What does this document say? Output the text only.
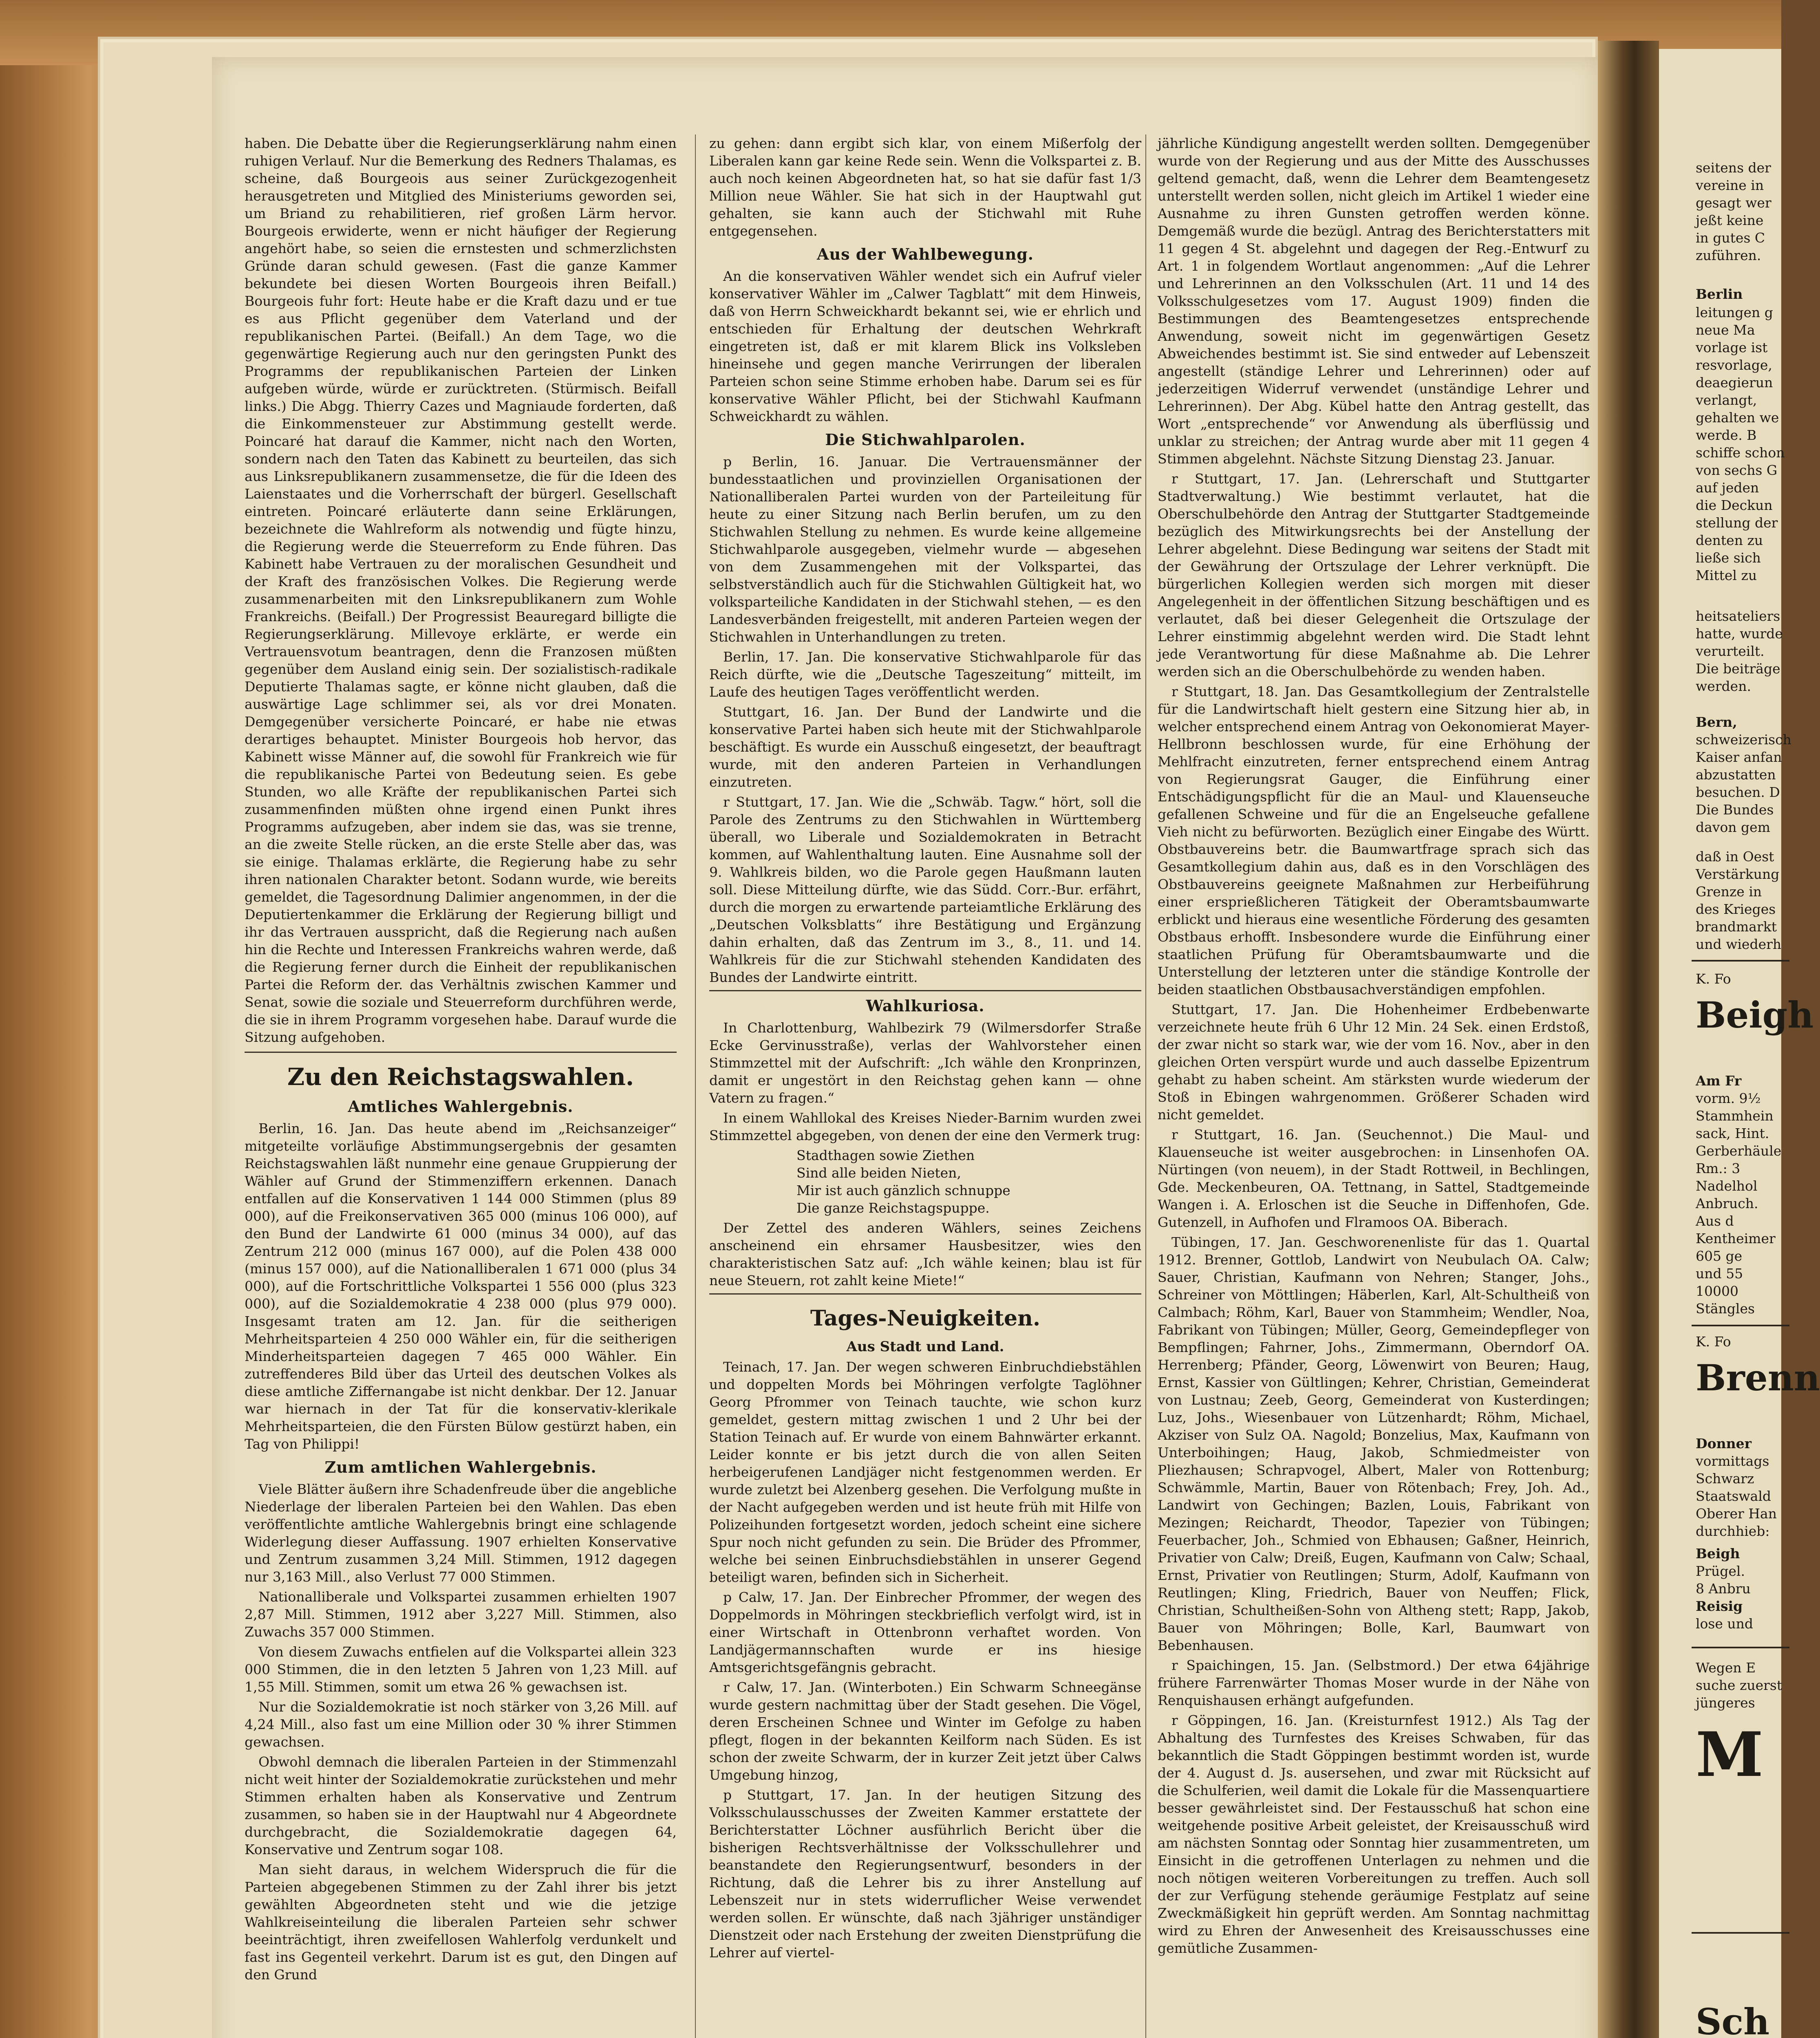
haben. Die Debatte über die Regierungserklärung nahm einen ruhigen Verlauf. Nur die Bemerkung des Redners Thalamas, es scheine, daß Bourgeois aus seiner Zurückgezogenheit herausgetreten und Mitglied des Ministeriums geworden sei, um Briand zu rehabilitieren, rief großen Lärm hervor. Bourgeois erwiderte, wenn er nicht häufiger der Regierung angehört habe, so seien die ernstesten und schmerzlichsten Gründe daran schuld gewesen. (Fast die ganze Kammer bekundete bei diesen Worten Bourgeois ihren Beifall.) Bourgeois fuhr fort: Heute habe er die Kraft dazu und er tue es aus Pflicht gegenüber dem Vaterland und der republikanischen Partei. (Beifall.) An dem Tage, wo die gegenwärtige Regierung auch nur den geringsten Punkt des Programms der republikanischen Parteien der Linken aufgeben würde, würde er zurücktreten. (Stürmisch. Beifall links.) Die Abgg. Thierry Cazes und Magniaude forderten, daß die Einkommensteuer zur Abstimmung gestellt werde. Poincaré hat darauf die Kammer, nicht nach den Worten, sondern nach den Taten das Kabinett zu beurteilen, das sich aus Linksrepublikanern zusammensetze, die für die Ideen des Laienstaates und die Vorherrschaft der bürgerl. Gesellschaft eintreten. Poincaré erläuterte dann seine Erklärungen, bezeichnete die Wahlreform als notwendig und fügte hinzu, die Regierung werde die Steuerreform zu Ende führen. Das Kabinett habe Vertrauen zu der moralischen Gesundheit und der Kraft des französischen Volkes. Die Regierung werde zusammenarbeiten mit den Linksrepublikanern zum Wohle Frankreichs. (Beifall.) Der Progressist Beauregard billigte die Regierungserklärung. Millevoye erklärte, er werde ein Vertrauensvotum beantragen, denn die Franzosen müßten gegenüber dem Ausland einig sein. Der sozialistisch-radikale Deputierte Thalamas sagte, er könne nicht glauben, daß die auswärtige Lage schlimmer sei, als vor drei Monaten. Demgegenüber versicherte Poincaré, er habe nie etwas derartiges behauptet. Minister Bourgeois hob hervor, das Kabinett wisse Männer auf, die sowohl für Frankreich wie für die republikanische Partei von Bedeutung seien. Es gebe Stunden, wo alle Kräfte der republikanischen Partei sich zusammenfinden müßten ohne irgend einen Punkt ihres Programms aufzugeben, aber indem sie das, was sie trenne, an die zweite Stelle rücken, an die erste Stelle aber das, was sie einige. Thalamas erklärte, die Regierung habe zu sehr ihren nationalen Charakter betont. Sodann wurde, wie bereits gemeldet, die Tagesordnung Dalimier angenommen, in der die Deputiertenkammer die Erklärung der Regierung billigt und ihr das Vertrauen ausspricht, daß die Regierung nach außen hin die Rechte und Interessen Frankreichs wahren werde, daß die Regierung ferner durch die Einheit der republikanischen Partei die Reform der. das Verhältnis zwischen Kammer und Senat, sowie die soziale und Steuerreform durchführen werde, die sie in ihrem Programm vorgesehen habe. Darauf wurde die Sitzung aufgehoben.

Zu den Reichstagswahlen.
Amtliches Wahlergebnis.

Berlin, 16. Jan. Das heute abend im „Reichsanzeiger“ mitgeteilte vorläufige Abstimmungsergebnis der gesamten Reichstagswahlen läßt nunmehr eine genaue Gruppierung der Wähler auf Grund der Stimmenziffern erkennen. Danach entfallen auf die Konservativen 1 144 000 Stimmen (plus 89 000), auf die Freikonservativen 365 000 (minus 106 000), auf den Bund der Landwirte 61 000 (minus 34 000), auf das Zentrum 212 000 (minus 167 000), auf die Polen 438 000 (minus 157 000), auf die Nationalliberalen 1 671 000 (plus 34 000), auf die Fortschrittliche Volkspartei 1 556 000 (plus 323 000), auf die Sozialdemokratie 4 238 000 (plus 979 000). Insgesamt traten am 12. Jan. für die seitherigen Mehrheitsparteien 4 250 000 Wähler ein, für die seitherigen Minderheitsparteien dagegen 7 465 000 Wähler. Ein zutreffenderes Bild über das Urteil des deutschen Volkes als diese amtliche Ziffernangabe ist nicht denkbar. Der 12. Januar war hiernach in der Tat für die konservativ-klerikale Mehrheitsparteien, die den Fürsten Bülow gestürzt haben, ein Tag von Philippi!

Zum amtlichen Wahlergebnis.

Viele Blätter äußern ihre Schadenfreude über die angebliche Niederlage der liberalen Parteien bei den Wahlen. Das eben veröffentlichte amtliche Wahlergebnis bringt eine schlagende Widerlegung dieser Auffassung. 1907 erhielten Konservative und Zentrum zusammen 3,24 Mill. Stimmen, 1912 dagegen nur 3,163 Mill., also Verlust 77 000 Stimmen.

Nationalliberale und Volkspartei zusammen erhielten 1907 2,87 Mill. Stimmen, 1912 aber 3,227 Mill. Stimmen, also Zuwachs 357 000 Stimmen.

Von diesem Zuwachs entfielen auf die Volkspartei allein 323 000 Stimmen, die in den letzten 5 Jahren von 1,23 Mill. auf 1,55 Mill. Stimmen, somit um etwa 26 % gewachsen ist.

Nur die Sozialdemokratie ist noch stärker von 3,26 Mill. auf 4,24 Mill., also fast um eine Million oder 30 % ihrer Stimmen gewachsen.

Obwohl demnach die liberalen Parteien in der Stimmenzahl nicht weit hinter der Sozialdemokratie zurückstehen und mehr Stimmen erhalten haben als Konservative und Zentrum zusammen, so haben sie in der Hauptwahl nur 4 Abgeordnete durchgebracht, die Sozialdemokratie dagegen 64, Konservative und Zentrum sogar 108.

Man sieht daraus, in welchem Widerspruch die für die Parteien abgegebenen Stimmen zu der Zahl ihrer bis jetzt gewählten Abgeordneten steht und wie die jetzige Wahlkreiseinteilung die liberalen Parteien sehr schwer beeinträchtigt, ihren zweifellosen Wahlerfolg verdunkelt und fast ins Gegenteil verkehrt. Darum ist es gut, den Dingen auf den Grund

zu gehen: dann ergibt sich klar, von einem Mißerfolg der Liberalen kann gar keine Rede sein. Wenn die Volkspartei z. B. auch noch keinen Abgeordneten hat, so hat sie dafür fast 1/3 Million neue Wähler. Sie hat sich in der Hauptwahl gut gehalten, sie kann auch der Stichwahl mit Ruhe entgegensehen.

Aus der Wahlbewegung.

An die konservativen Wähler wendet sich ein Aufruf vieler konservativer Wähler im „Calwer Tagblatt“ mit dem Hinweis, daß von Herrn Schweickhardt bekannt sei, wie er ehrlich und entschieden für Erhaltung der deutschen Wehrkraft eingetreten ist, daß er mit klarem Blick ins Volksleben hineinsehe und gegen manche Verirrungen der liberalen Parteien schon seine Stimme erhoben habe. Darum sei es für konservative Wähler Pflicht, bei der Stichwahl Kaufmann Schweickhardt zu wählen.

Die Stichwahlparolen.

p Berlin, 16. Januar. Die Vertrauensmänner der bundesstaatlichen und provinziellen Organisationen der Nationalliberalen Partei wurden von der Parteileitung für heute zu einer Sitzung nach Berlin berufen, um zu den Stichwahlen Stellung zu nehmen. Es wurde keine allgemeine Stichwahlparole ausgegeben, vielmehr wurde — abgesehen von dem Zusammengehen mit der Volkspartei, das selbstverständlich auch für die Stichwahlen Gültigkeit hat, wo volksparteiliche Kandidaten in der Stichwahl stehen, — es den Landesverbänden freigestellt, mit anderen Parteien wegen der Stichwahlen in Unterhandlungen zu treten.

Berlin, 17. Jan. Die konservative Stichwahlparole für das Reich dürfte, wie die „Deutsche Tageszeitung“ mitteilt, im Laufe des heutigen Tages veröffentlicht werden.

Stuttgart, 16. Jan. Der Bund der Landwirte und die konservative Partei haben sich heute mit der Stichwahlparole beschäftigt. Es wurde ein Ausschuß eingesetzt, der beauftragt wurde, mit den anderen Parteien in Verhandlungen einzutreten.

r Stuttgart, 17. Jan. Wie die „Schwäb. Tagw.“ hört, soll die Parole des Zentrums zu den Stichwahlen in Württemberg überall, wo Liberale und Sozialdemokraten in Betracht kommen, auf Wahlenthaltung lauten. Eine Ausnahme soll der 9. Wahlkreis bilden, wo die Parole gegen Haußmann lauten soll. Diese Mitteilung dürfte, wie das Südd. Corr.-Bur. erfährt, durch die morgen zu erwartende parteiamtliche Erklärung des „Deutschen Volksblatts“ ihre Bestätigung und Ergänzung dahin erhalten, daß das Zentrum im 3., 8., 11. und 14. Wahlkreis für die zur Stichwahl stehenden Kandidaten des Bundes der Landwirte eintritt.

Wahlkuriosa.

In Charlottenburg, Wahlbezirk 79 (Wilmersdorfer Straße Ecke Gervinusstraße), verlas der Wahlvorsteher einen Stimmzettel mit der Aufschrift: „Ich wähle den Kronprinzen, damit er ungestört in den Reichstag gehen kann — ohne Vatern zu fragen.“

In einem Wahllokal des Kreises Nieder-Barnim wurden zwei Stimmzettel abgegeben, von denen der eine den Vermerk trug:

Stadthagen sowie Ziethen
Sind alle beiden Nieten,
Mir ist auch gänzlich schnuppe
Die ganze Reichstagspuppe.

Der Zettel des anderen Wählers, seines Zeichens anscheinend ein ehrsamer Hausbesitzer, wies den charakteristischen Satz auf: „Ich wähle keinen; blau ist für neue Steuern, rot zahlt keine Miete!“

Tages-Neuigkeiten.
Aus Stadt und Land.

Teinach, 17. Jan. Der wegen schweren Einbruchdiebstählen und doppelten Mords bei Möhringen verfolgte Taglöhner Georg Pfrommer von Teinach tauchte, wie schon kurz gemeldet, gestern mittag zwischen 1 und 2 Uhr bei der Station Teinach auf. Er wurde von einem Bahnwärter erkannt. Leider konnte er bis jetzt durch die von allen Seiten herbeigerufenen Landjäger nicht festgenommen werden. Er wurde zuletzt bei Alzenberg gesehen. Die Verfolgung mußte in der Nacht aufgegeben werden und ist heute früh mit Hilfe von Polizeihunden fortgesetzt worden, jedoch scheint eine sichere Spur noch nicht gefunden zu sein. Die Brüder des Pfrommer, welche bei seinen Einbruchsdiebstählen in unserer Gegend beteiligt waren, befinden sich in Sicherheit.

p Calw, 17. Jan. Der Einbrecher Pfrommer, der wegen des Doppelmords in Möhringen steckbrieflich verfolgt wird, ist in einer Wirtschaft in Ottenbronn verhaftet worden. Von Landjägermannschaften wurde er ins hiesige Amtsgerichtsgefängnis gebracht.

r Calw, 17. Jan. (Winterboten.) Ein Schwarm Schneegänse wurde gestern nachmittag über der Stadt gesehen. Die Vögel, deren Erscheinen Schnee und Winter im Gefolge zu haben pflegt, flogen in der bekannten Keilform nach Süden. Es ist schon der zweite Schwarm, der in kurzer Zeit jetzt über Calws Umgebung hinzog,

p Stuttgart, 17. Jan. In der heutigen Sitzung des Volksschulausschusses der Zweiten Kammer erstattete der Berichterstatter Löchner ausführlich Bericht über die bisherigen Rechtsverhältnisse der Volksschullehrer und beanstandete den Regierungsentwurf, besonders in der Richtung, daß die Lehrer bis zu ihrer Anstellung auf Lebenszeit nur in stets widerruflicher Weise verwendet werden sollen. Er wünschte, daß nach 3jähriger unständiger Dienstzeit oder nach Erstehung der zweiten Dienstprüfung die Lehrer auf viertel-

jährliche Kündigung angestellt werden sollten. Demgegenüber wurde von der Regierung und aus der Mitte des Ausschusses geltend gemacht, daß, wenn die Lehrer dem Beamtengesetz unterstellt werden sollen, nicht gleich im Artikel 1 wieder eine Ausnahme zu ihren Gunsten getroffen werden könne. Demgemäß wurde die bezügl. Antrag des Berichterstatters mit 11 gegen 4 St. abgelehnt und dagegen der Reg.-Entwurf zu Art. 1 in folgendem Wortlaut angenommen: „Auf die Lehrer und Lehrerinnen an den Volksschulen (Art. 11 und 14 des Volksschulgesetzes vom 17. August 1909) finden die Bestimmungen des Beamtengesetzes entsprechende Anwendung, soweit nicht im gegenwärtigen Gesetz Abweichendes bestimmt ist. Sie sind entweder auf Lebenszeit angestellt (ständige Lehrer und Lehrerinnen) oder auf jederzeitigen Widerruf verwendet (unständige Lehrer und Lehrerinnen). Der Abg. Kübel hatte den Antrag gestellt, das Wort „entsprechende“ vor Anwendung als überflüssig und unklar zu streichen; der Antrag wurde aber mit 11 gegen 4 Stimmen abgelehnt. Nächste Sitzung Dienstag 23. Januar.

r Stuttgart, 17. Jan. (Lehrerschaft und Stuttgarter Stadtverwaltung.) Wie bestimmt verlautet, hat die Oberschulbehörde den Antrag der Stuttgarter Stadtgemeinde bezüglich des Mitwirkungsrechts bei der Anstellung der Lehrer abgelehnt. Diese Bedingung war seitens der Stadt mit der Gewährung der Ortszulage der Lehrer verknüpft. Die bürgerlichen Kollegien werden sich morgen mit dieser Angelegenheit in der öffentlichen Sitzung beschäftigen und es verlautet, daß bei dieser Gelegenheit die Ortszulage der Lehrer einstimmig abgelehnt werden wird. Die Stadt lehnt jede Verantwortung für diese Maßnahme ab. Die Lehrer werden sich an die Oberschulbehörde zu wenden haben.

r Stuttgart, 18. Jan. Das Gesamtkollegium der Zentralstelle für die Landwirtschaft hielt gestern eine Sitzung hier ab, in welcher entsprechend einem Antrag von Oekonomierat Mayer-Hellbronn beschlossen wurde, für eine Erhöhung der Mehlfracht einzutreten, ferner entsprechend einem Antrag von Regierungsrat Gauger, die Einführung einer Entschädigungspflicht für die an Maul- und Klauenseuche gefallenen Schweine und für die an Engelseuche gefallene Vieh nicht zu befürworten. Bezüglich einer Eingabe des Württ. Obstbauvereins betr. die Baumwartfrage sprach sich das Gesamtkollegium dahin aus, daß es in den Vorschlägen des Obstbauvereins geeignete Maßnahmen zur Herbeiführung einer ersprießlicheren Tätigkeit der Oberamtsbaumwarte erblickt und hieraus eine wesentliche Förderung des gesamten Obstbaus erhofft. Insbesondere wurde die Einführung einer staatlichen Prüfung für Oberamtsbaumwarte und die Unterstellung der letzteren unter die ständige Kontrolle der beiden staatlichen Obstbausachverständigen empfohlen.

Stuttgart, 17. Jan. Die Hohenheimer Erdbebenwarte verzeichnete heute früh 6 Uhr 12 Min. 24 Sek. einen Erdstoß, der zwar nicht so stark war, wie der vom 16. Nov., aber in den gleichen Orten verspürt wurde und auch dasselbe Epizentrum gehabt zu haben scheint. Am stärksten wurde wiederum der Stoß in Ebingen wahrgenommen. Größerer Schaden wird nicht gemeldet.

r Stuttgart, 16. Jan. (Seuchennot.) Die Maul- und Klauenseuche ist weiter ausgebrochen: in Linsenhofen OA. Nürtingen (von neuem), in der Stadt Rottweil, in Bechlingen, Gde. Meckenbeuren, OA. Tettnang, in Sattel, Stadtgemeinde Wangen i. A. Erloschen ist die Seuche in Diffenhofen, Gde. Gutenzell, in Aufhofen und Flramoos OA. Biberach.

Tübingen, 17. Jan. Geschworenenliste für das 1. Quartal 1912. Brenner, Gottlob, Landwirt von Neubulach OA. Calw; Sauer, Christian, Kaufmann von Nehren; Stanger, Johs., Schreiner von Möttlingen; Häberlen, Karl, Alt-Schultheiß von Calmbach; Röhm, Karl, Bauer von Stammheim; Wendler, Noa, Fabrikant von Tübingen; Müller, Georg, Gemeindepfleger von Bempflingen; Fahrner, Johs., Zimmermann, Oberndorf OA. Herrenberg; Pfänder, Georg, Löwenwirt von Beuren; Haug, Ernst, Kassier von Gültlingen; Kehrer, Christian, Gemeinderat von Lustnau; Zeeb, Georg, Gemeinderat von Kusterdingen; Luz, Johs., Wiesenbauer von Lützenhardt; Röhm, Michael, Akziser von Sulz OA. Nagold; Bonzelius, Max, Kaufmann von Unterboihingen; Haug, Jakob, Schmiedmeister von Pliezhausen; Schrapvogel, Albert, Maler von Rottenburg; Schwämmle, Martin, Bauer von Rötenbach; Frey, Joh. Ad., Landwirt von Gechingen; Bazlen, Louis, Fabrikant von Mezingen; Reichardt, Theodor, Tapezier von Tübingen; Feuerbacher, Joh., Schmied von Ebhausen; Gaßner, Heinrich, Privatier von Calw; Dreiß, Eugen, Kaufmann von Calw; Schaal, Ernst, Privatier von Reutlingen; Sturm, Adolf, Kaufmann von Reutlingen; Kling, Friedrich, Bauer von Neuffen; Flick, Christian, Schultheißen-Sohn von Altheng stett; Rapp, Jakob, Bauer von Möhringen; Bolle, Karl, Baumwart von Bebenhausen.

r Spaichingen, 15. Jan. (Selbstmord.) Der etwa 64jährige frühere Farrenwärter Thomas Moser wurde in der Nähe von Renquishausen erhängt aufgefunden.

r Göppingen, 16. Jan. (Kreisturnfest 1912.) Als Tag der Abhaltung des Turnfestes des Kreises Schwaben, für das bekanntlich die Stadt Göppingen bestimmt worden ist, wurde der 4. August d. Js. ausersehen, und zwar mit Rücksicht auf die Schulferien, weil damit die Lokale für die Massenquartiere besser gewährleistet sind. Der Festausschuß hat schon eine weitgehende positive Arbeit geleistet, der Kreisausschuß wird am nächsten Sonntag oder Sonntag hier zusammentreten, um Einsicht in die getroffenen Unterlagen zu nehmen und die noch nötigen weiteren Vorbereitungen zu treffen. Auch soll der zur Verfügung stehende geräumige Festplatz auf seine Zweckmäßigkeit hin geprüft werden. Am Sonntag nachmittag wird zu Ehren der Anwesenheit des Kreisausschusses eine gemütliche Zusammen-

seitens der
vereine in
gesagt wer
jeßt keine
in gutes C
zuführen.
Berlin
leitungen g
neue Ma
vorlage ist
resvorlage,
deaegierun
verlangt,
gehalten we
werde. B
schiffe schon
von sechs G
auf jeden
die Deckun
stellung der
denten zu
ließe sich
Mittel zu
heitsateliers
hatte, wurde
verurteilt.
Die beiträge
werden.
Bern,
schweizerisch
Kaiser anfan
abzustatten
besuchen. D
Die Bundes
davon gem
daß in Oest
Verstärkung
Grenze in
des Krieges
brandmarkt
und wiederh
K. Fo
Beigh
Am Fr
vorm. 9½
Stammhein
sack, Hint.
Gerberhäule
Rm.: 3
Nadelhol
Anbruch.
Aus d
Kentheimer
605 ge
und 55
10000
Stängles
K. Fo
Brenn
Donner
vormittags
Schwarz
Staatswald
Oberer Han
durchhieb:
Beigh
Prügel.
8 Anbru
Reisig
lose und
Wegen E
suche zuerst
jüngeres
M
Sch
